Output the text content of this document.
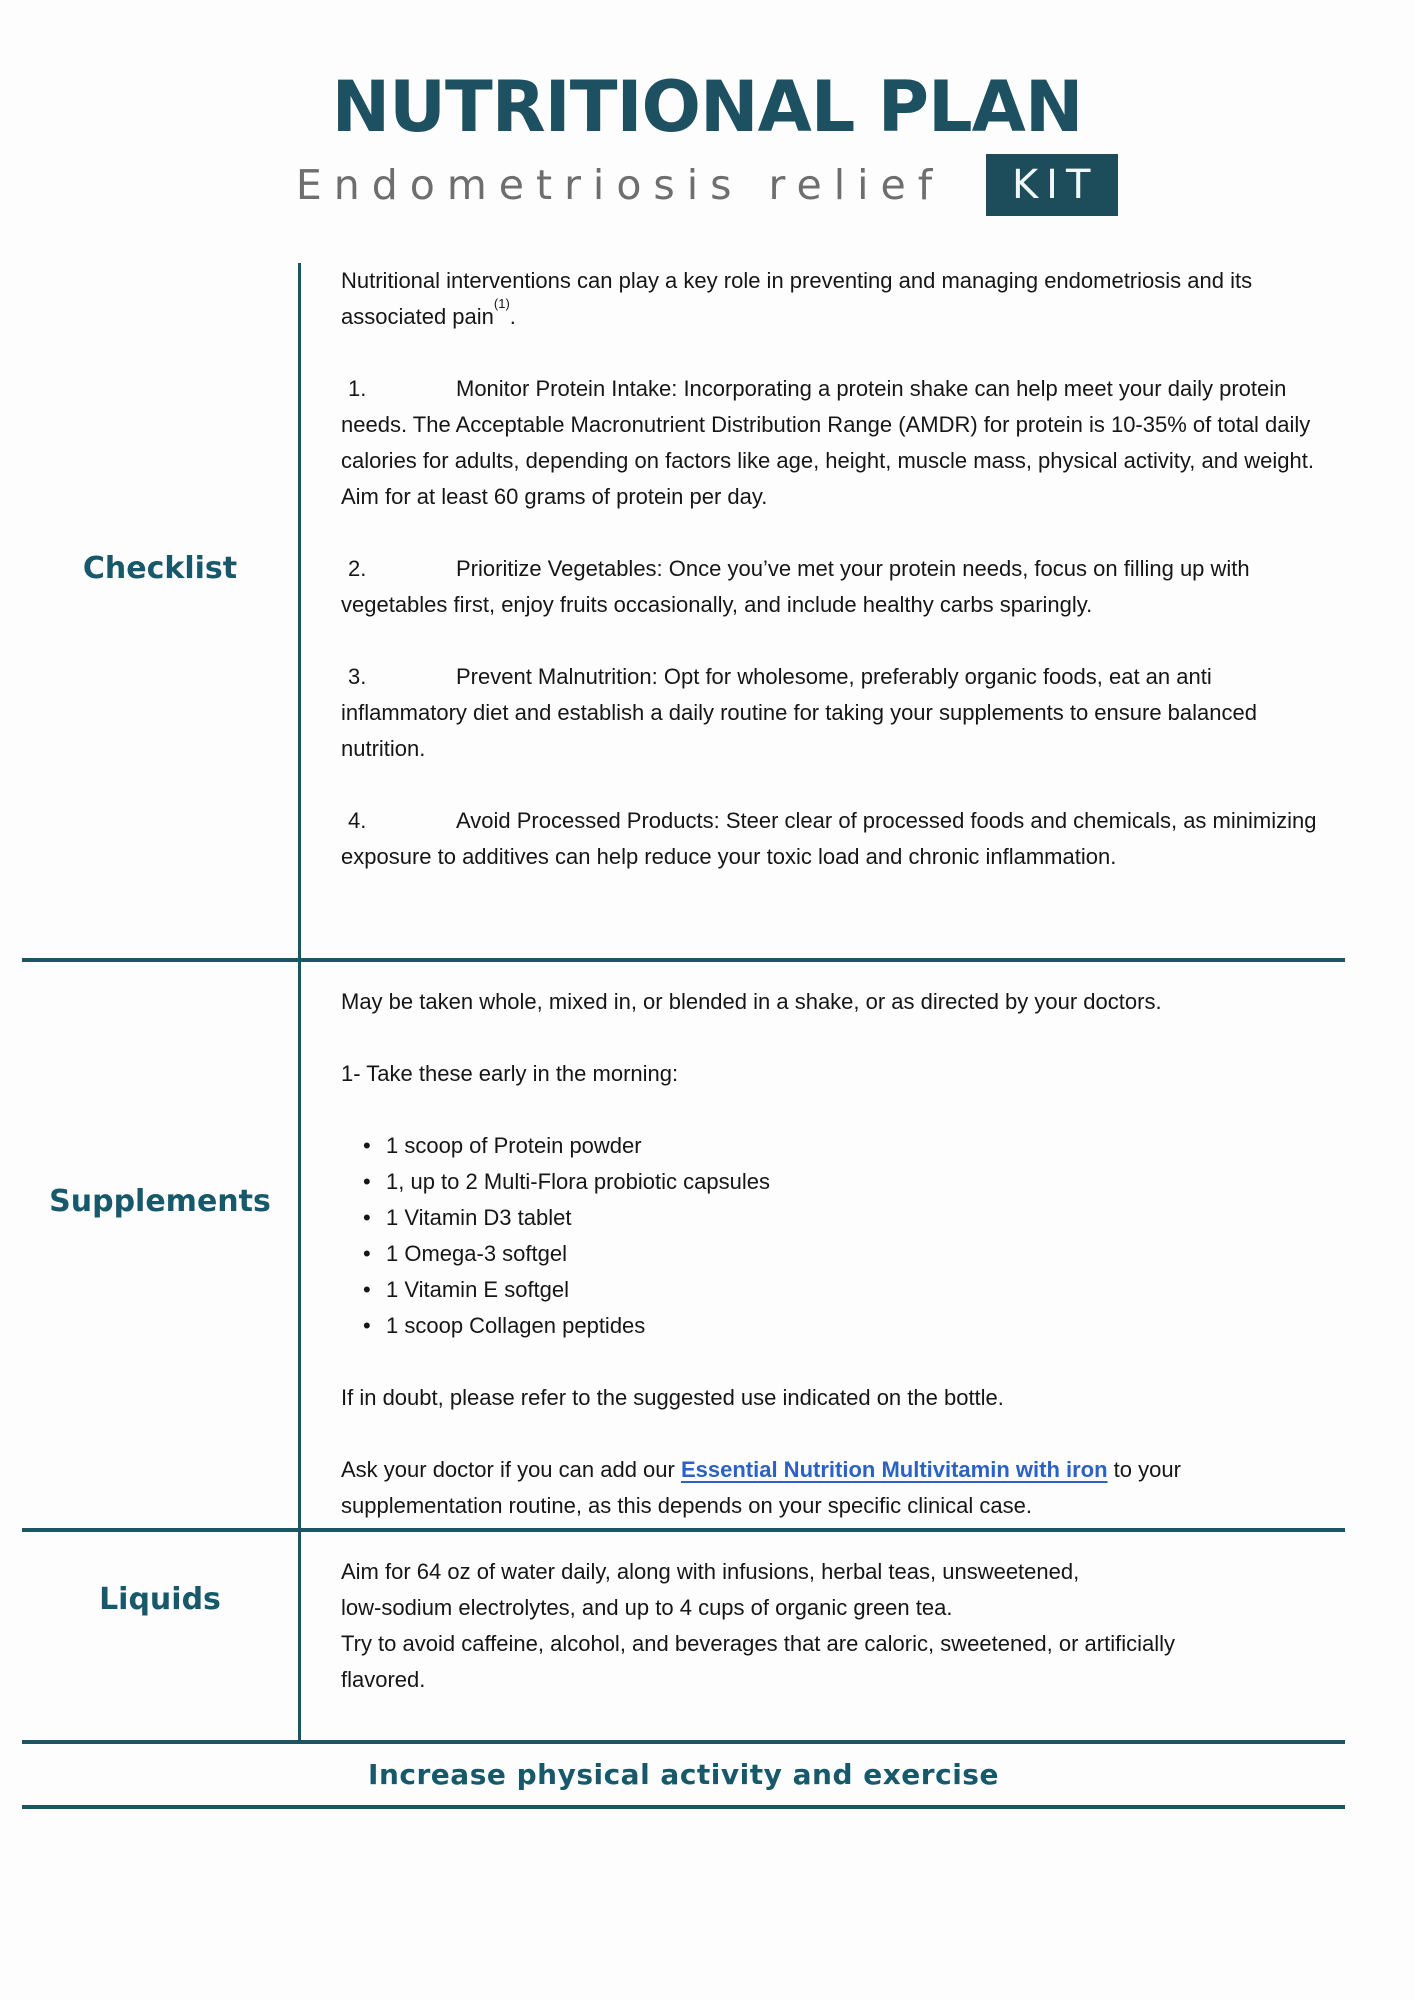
NUTRITIONAL PLAN
Endometriosis relief	KIT
Checklist

Nutritional interventions can play a key role in preventing and managing endometriosis and its associated pain$^{(1)}$.

1.	Monitor Protein Intake: Incorporating a protein shake can help meet your daily protein needs. The Acceptable Macronutrient Distribution Range (AMDR) for protein is 10-35% of total daily calories for adults, depending on factors like age, height, muscle mass, physical activity, and weight. Aim for at least 60 grams of protein per day.

2.	Prioritize Vegetables: Once you’ve met your protein needs, focus on filling up with vegetables first, enjoy fruits occasionally, and include healthy carbs sparingly.

3.	Prevent Malnutrition: Opt for wholesome, preferably organic foods, eat an anti inflammatory diet and establish a daily routine for taking your supplements to ensure balanced nutrition.

4.	Avoid Processed Products: Steer clear of processed foods and chemicals, as minimizing exposure to additives can help reduce your toxic load and chronic inflammation.

Supplements

May be taken whole, mixed in, or blended in a shake, or as directed by your doctors.

1- Take these early in the morning:

• 1 scoop of Protein powder
• 1, up to 2 Multi-Flora probiotic capsules
• 1 Vitamin D3 tablet
• 1 Omega-3 softgel
• 1 Vitamin E softgel
• 1 scoop Collagen peptides

If in doubt, please refer to the suggested use indicated on the bottle.

Ask your doctor if you can add our Essential Nutrition Multivitamin with iron to your supplementation routine, as this depends on your specific clinical case.

Liquids

Aim for 64 oz of water daily, along with infusions, herbal teas, unsweetened,
low-sodium electrolytes, and up to 4 cups of organic green tea.
Try to avoid caffeine, alcohol, and beverages that are caloric, sweetened, or artificially
flavored.

Increase physical activity and exercise
